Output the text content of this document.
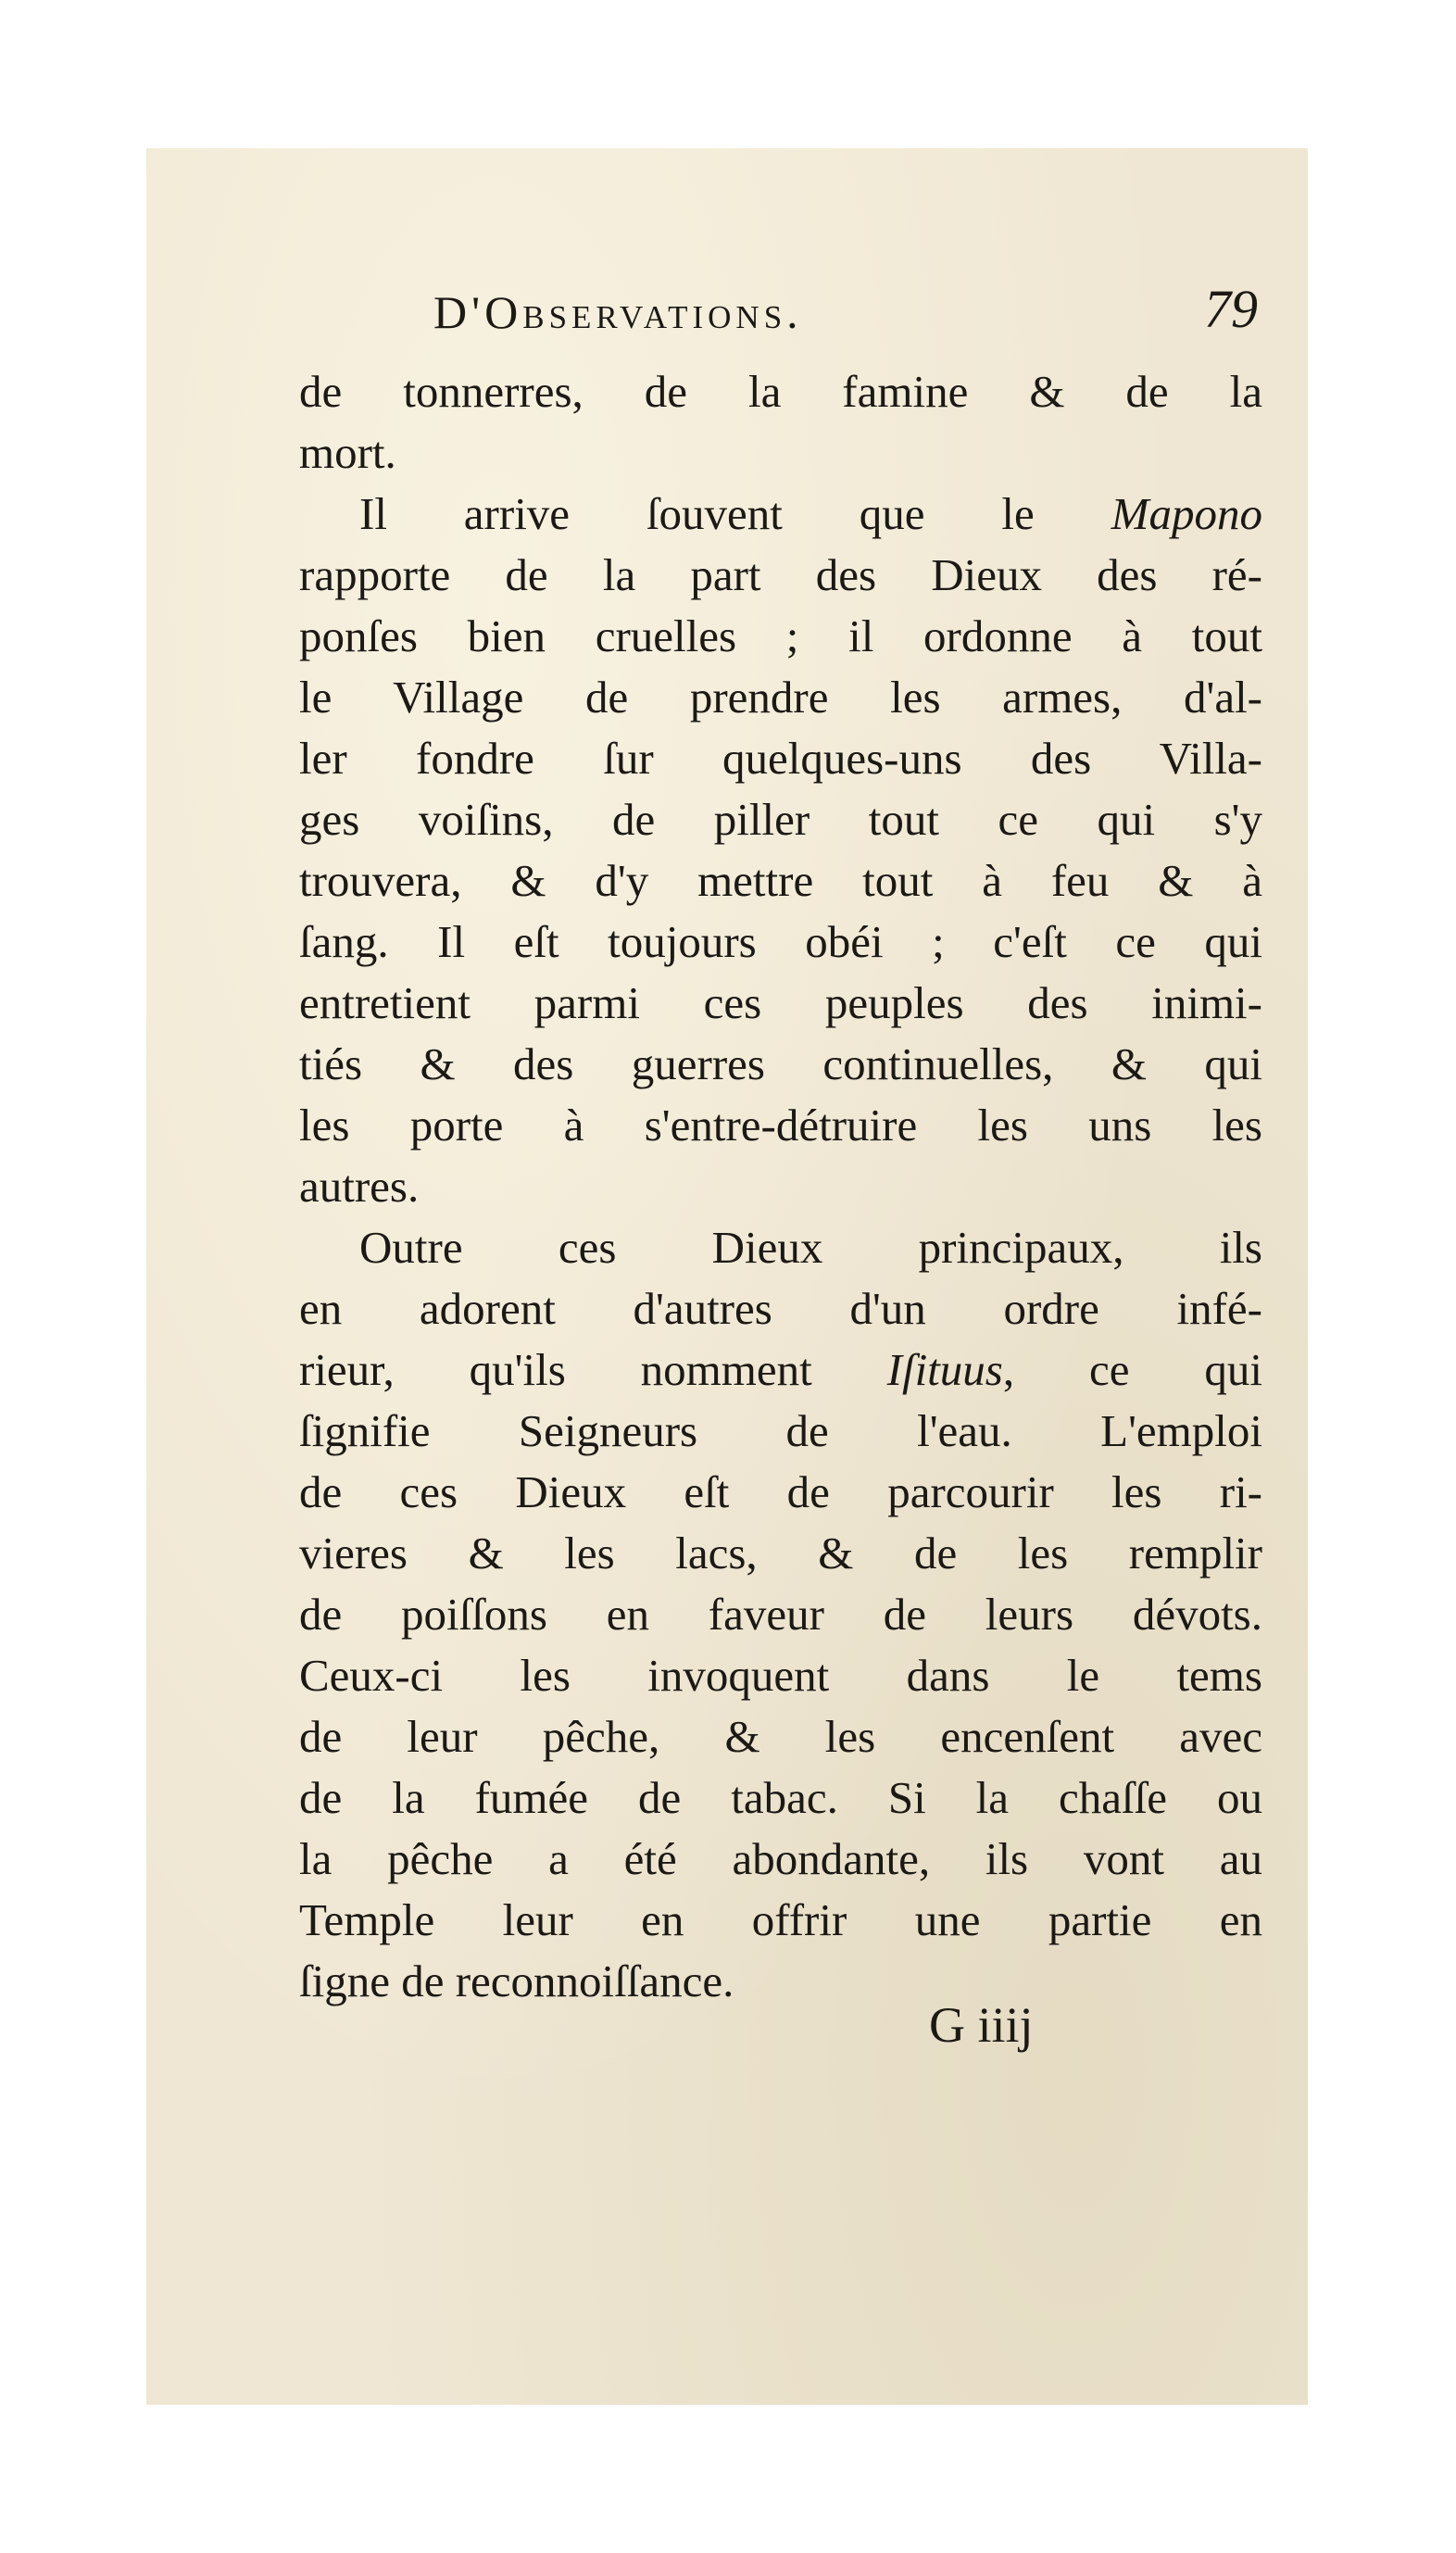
D'Observations.	79
de tonnerres, de la famine & de la
mort.
Il arrive ſouvent que le Mapono
rapporte de la part des Dieux des ré-
ponſes bien cruelles ; il ordonne à tout
le Village de prendre les armes, d'al-
ler fondre ſur quelques-uns des Villa-
ges voiſins, de piller tout ce qui s'y
trouvera, & d'y mettre tout à feu & à
ſang. Il eſt toujours obéi ; c'eſt ce qui
entretient parmi ces peuples des inimi-
tiés & des guerres continuelles, & qui
les porte à s'entre-détruire les uns les
autres.
Outre ces Dieux principaux, ils
en adorent d'autres d'un ordre infé-
rieur, qu'ils nomment Iſituus, ce qui
ſignifie Seigneurs de l'eau. L'emploi
de ces Dieux eſt de parcourir les ri-
vieres & les lacs, & de les remplir
de poiſſons en faveur de leurs dévots.
Ceux-ci les invoquent dans le tems
de leur pêche, & les encenſent avec
de la fumée de tabac. Si la chaſſe ou
la pêche a été abondante, ils vont au
Temple leur en offrir une partie en
ſigne de reconnoiſſance.
G iiij
